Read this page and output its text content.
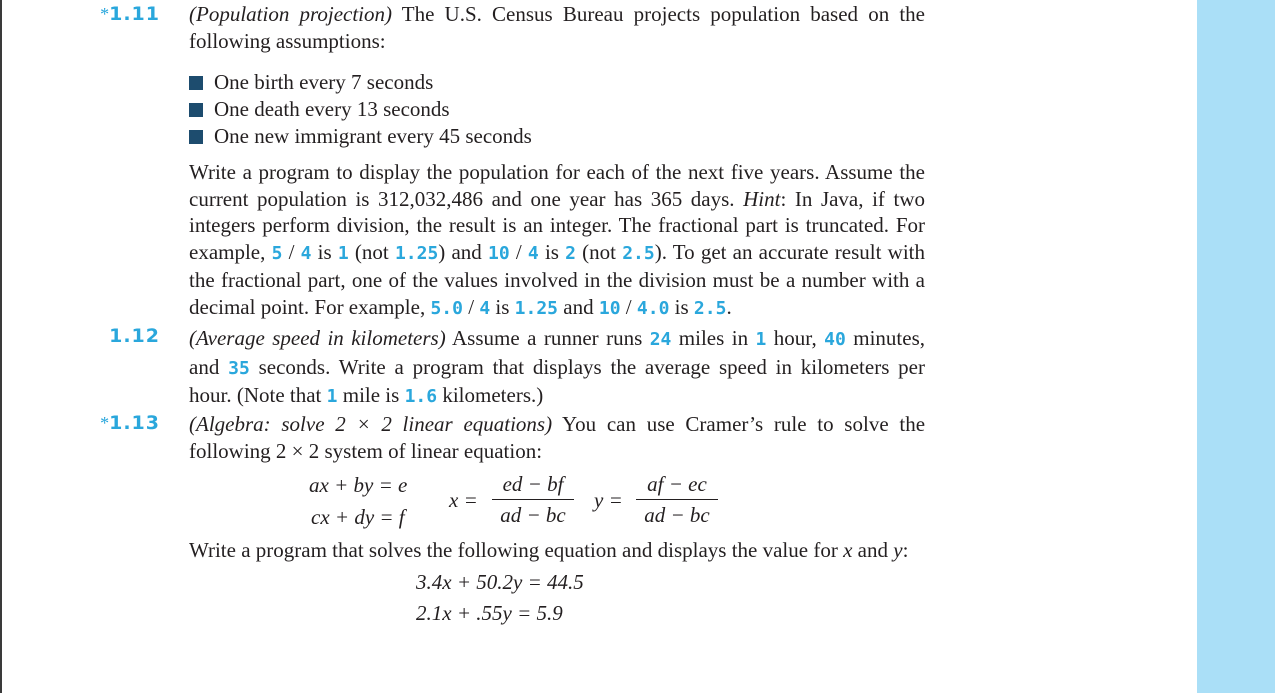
*1.11 (Population projection) The U.S. Census Bureau projects population based on the following assumptions:
One birth every 7 seconds
One death every 13 seconds
One new immigrant every 45 seconds
Write a program to display the population for each of the next five years. Assume the current population is 312,032,486 and one year has 365 days. Hint: In Java, if two integers perform division, the result is an integer. The fractional part is truncated. For example, 5 / 4 is 1 (not 1.25) and 10 / 4 is 2 (not 2.5). To get an accurate result with the fractional part, one of the values involved in the division must be a number with a decimal point. For example, 5.0 / 4 is 1.25 and 10 / 4.0 is 2.5.
1.12 (Average speed in kilometers) Assume a runner runs 24 miles in 1 hour, 40 minutes, and 35 seconds. Write a program that displays the average speed in kilometers per hour. (Note that 1 mile is 1.6 kilometers.)
*1.13 (Algebra: solve 2 × 2 linear equations) You can use Cramer’s rule to solve the following 2 × 2 system of linear equation:
ax + by = e
cx + dy = f
$x = \frac{ed - bf}{ad - bc}$ $y = \frac{af - ec}{ad - bc}$
Write a program that solves the following equation and displays the value for x and y:
3.4x + 50.2y = 44.5
2.1x + .55y = 5.9
